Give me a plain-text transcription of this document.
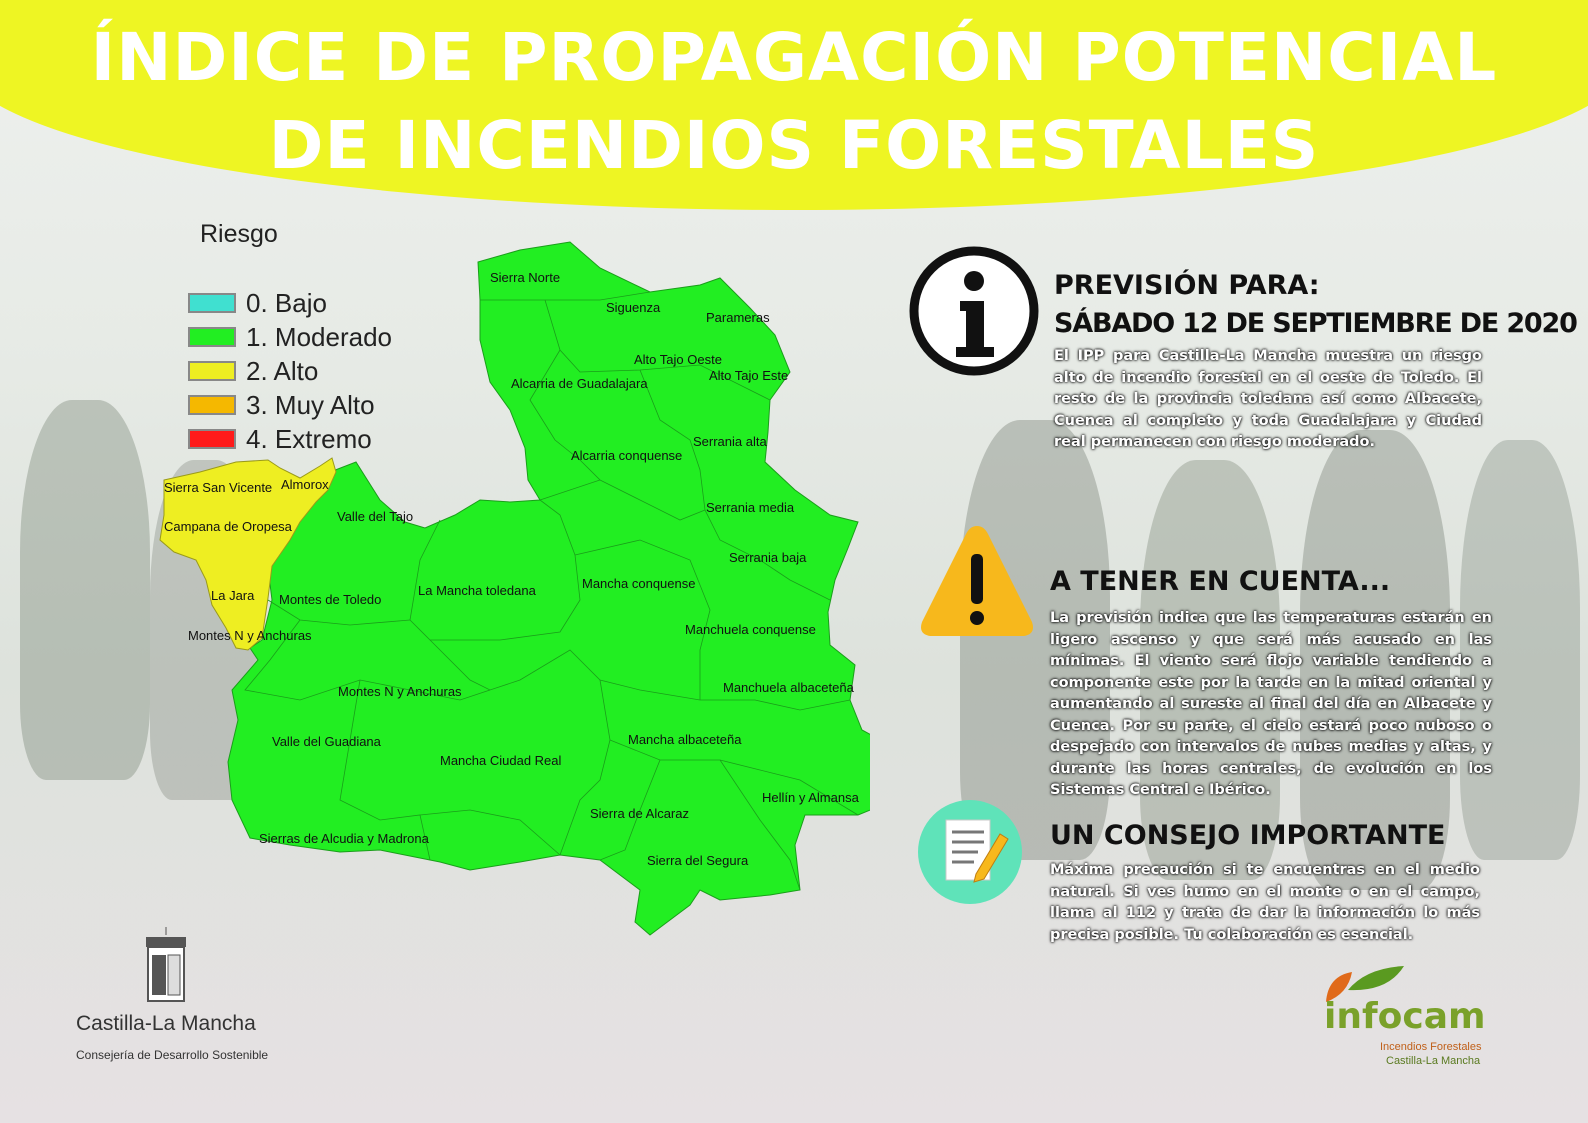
ÍNDICE DE PROPAGACIÓN POTENCIAL
DE INCENDIOS FORESTALES
Riesgo
0. Bajo
1. Moderado
2. Alto
3. Muy Alto
4. Extremo
Sierra Norte
Siguenza
Parameras
Alto Tajo Oeste
Alto Tajo Este
Alcarria de Guadalajara
Serrania alta
Alcarria conquense
Serrania media
Serrania baja
Sierra San Vicente Almorox
Valle del Tajo
Campana de Oropesa
La Mancha toledana	Mancha conquense
La Jara Montes de Toledo
Montes N y Anchuras	Manchuela conquense
Manchuela albaceteña
Montes N y Anchuras
Valle del Guadiana	Mancha albaceteña
Mancha Ciudad Real
Hellín y Almansa
Sierra de Alcaraz
Sierras de Alcudia y Madrona
Sierra del Segura
PREVISIÓN PARA:
SÁBADO 12 DE SEPTIEMBRE DE 2020
El IPP para Castilla-La Mancha muestra un riesgo alto de incendio forestal en el oeste de Toledo. El resto de la provincia toledana así como Albacete, Cuenca al completo y toda Guadalajara y Ciudad real permanecen con riesgo moderado.
A TENER EN CUENTA...
La previsión indica que las temperaturas estarán en ligero ascenso y que será más acusado en las mínimas. El viento será flojo variable tendiendo a componente este por la tarde en la mitad oriental y aumentando al sureste al final del día en Albacete y Cuenca. Por su parte, el cielo estará poco nuboso o despejado con intervalos de nubes medias y altas, y durante las horas centrales, de evolución en los Sistemas Central e Ibérico.
UN CONSEJO IMPORTANTE
Máxima precaución si te encuentras en el medio natural. Si ves humo en el monte o en el campo, llama al 112 y trata de dar la información lo más precisa posible. Tu colaboración es esencial.
Castilla-La Mancha
Consejería de Desarrollo Sostenible
infocam
Incendios Forestales
Castilla-La Mancha
